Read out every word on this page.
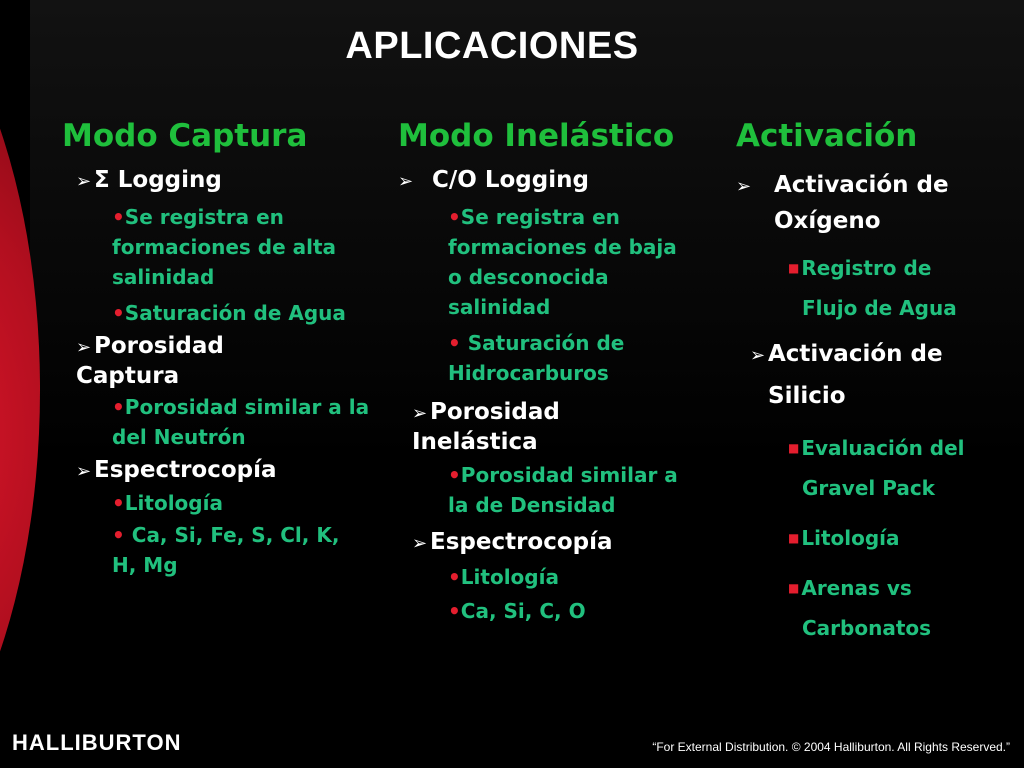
APLICACIONES
Modo Captura
➢ Σ Logging
•Se registra en formaciones de alta salinidad
•Saturación de Agua
➢ Porosidad Captura
•Porosidad similar a la del Neutrón
➢ Espectrocopía
•Litología
• Ca, Si, Fe, S, Cl, K, H, Mg
Modo Inelástico
➢ C/O Logging
•Se registra en formaciones de baja o desconocida salinidad
• Saturación de Hidrocarburos
➢ Porosidad Inelástica
•Porosidad similar a la de Densidad
➢ Espectrocopía
•Litología
•Ca, Si, C, O
Activación
➢ Activación de
Oxígeno
■ Registro de
Flujo de Agua
➢ Activación de
Silicio
■ Evaluación del
Gravel Pack
■ Litología
■ Arenas vs
Carbonatos
HALLIBURTON	“For External Distribution. © 2004 Halliburton. All Rights Reserved.”
